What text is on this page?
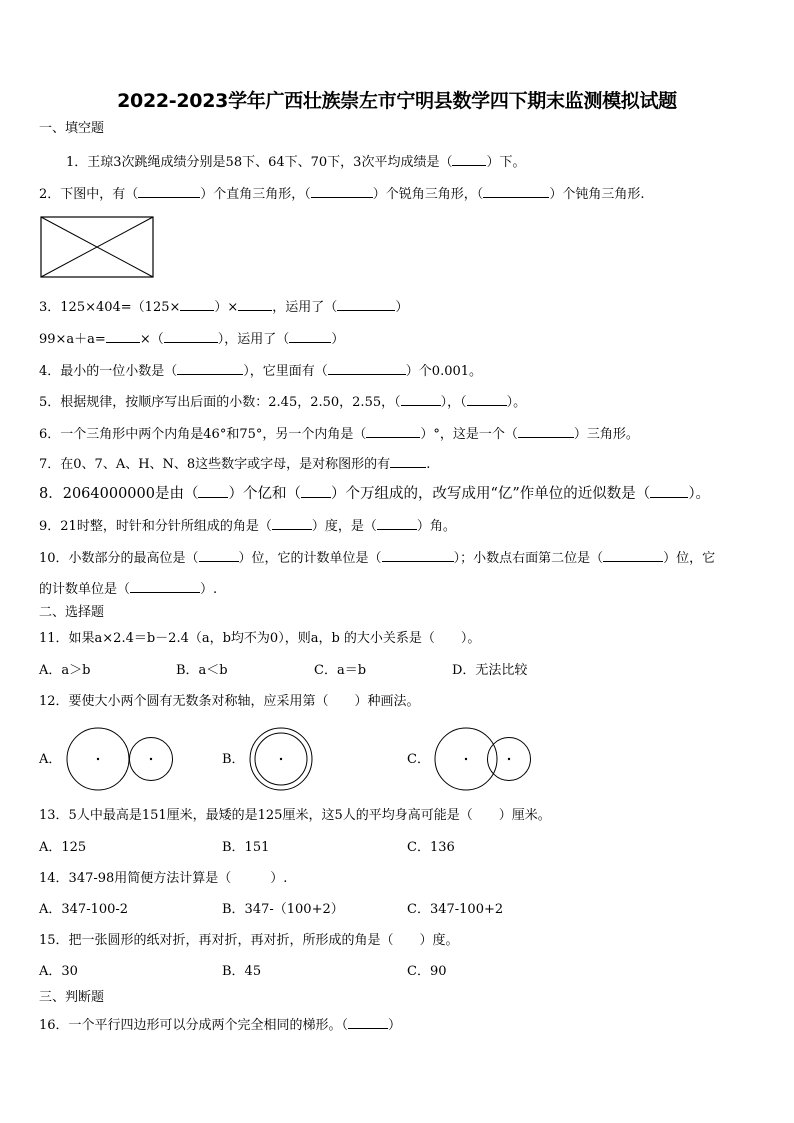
2022-2023学年广西壮族崇左市宁明县数学四下期末监测模拟试题
一、填空题
1．王琼3次跳绳成绩分别是58下、64下、70下，3次平均成绩是（	）下。
2．下图中，有（	）个直角三角形，（	）个锐角三角形，（	）个钝角三角形.
3．125×404=（125×	）×	，运用了（	）
99×a＋a=	×（	），运用了（	）
4．最小的一位小数是（	），它里面有（	）个0.001。
5．根据规律，按顺序写出后面的小数：2.45，2.50，2.55，（	），（	）。
6．一个三角形中两个内角是46°和75°，另一个内角是（	）°，这是一个（	）三角形。
7．在0、7、A、H、N、8这些数字或字母，是对称图形的有	.
8．2064000000是由（ ）个亿和（ ）个万组成的，改写成用“亿”作单位的近似数是（	）。
9．21时整，时针和分针所组成的角是（	）度，是（	）角。
10．小数部分的最高位是（	）位，它的计数单位是（	）；小数点右面第二位是（	）位，它
的计数单位是（	）.
二、选择题
11．如果a×2.4＝b－2.4（a，b均不为0），则a，b 的大小关系是（　　）。
A．a＞b	B．a＜b	C．a＝b	D．无法比较
12．要使大小两个圆有无数条对称轴，应采用第（　　）种画法。
A．	B．	C．
13．5人中最高是151厘米，最矮的是125厘米，这5人的平均身高可能是（　　）厘米。
A．125	B．151	C．136
14．347-98用简便方法计算是（　　　）.
A．347-100-2	B．347-（100+2）	C．347-100+2
15．把一张圆形的纸对折，再对折，再对折，所形成的角是（　　）度。
A．30	B．45	C．90
三、判断题
16．一个平行四边形可以分成两个完全相同的梯形。（	）
